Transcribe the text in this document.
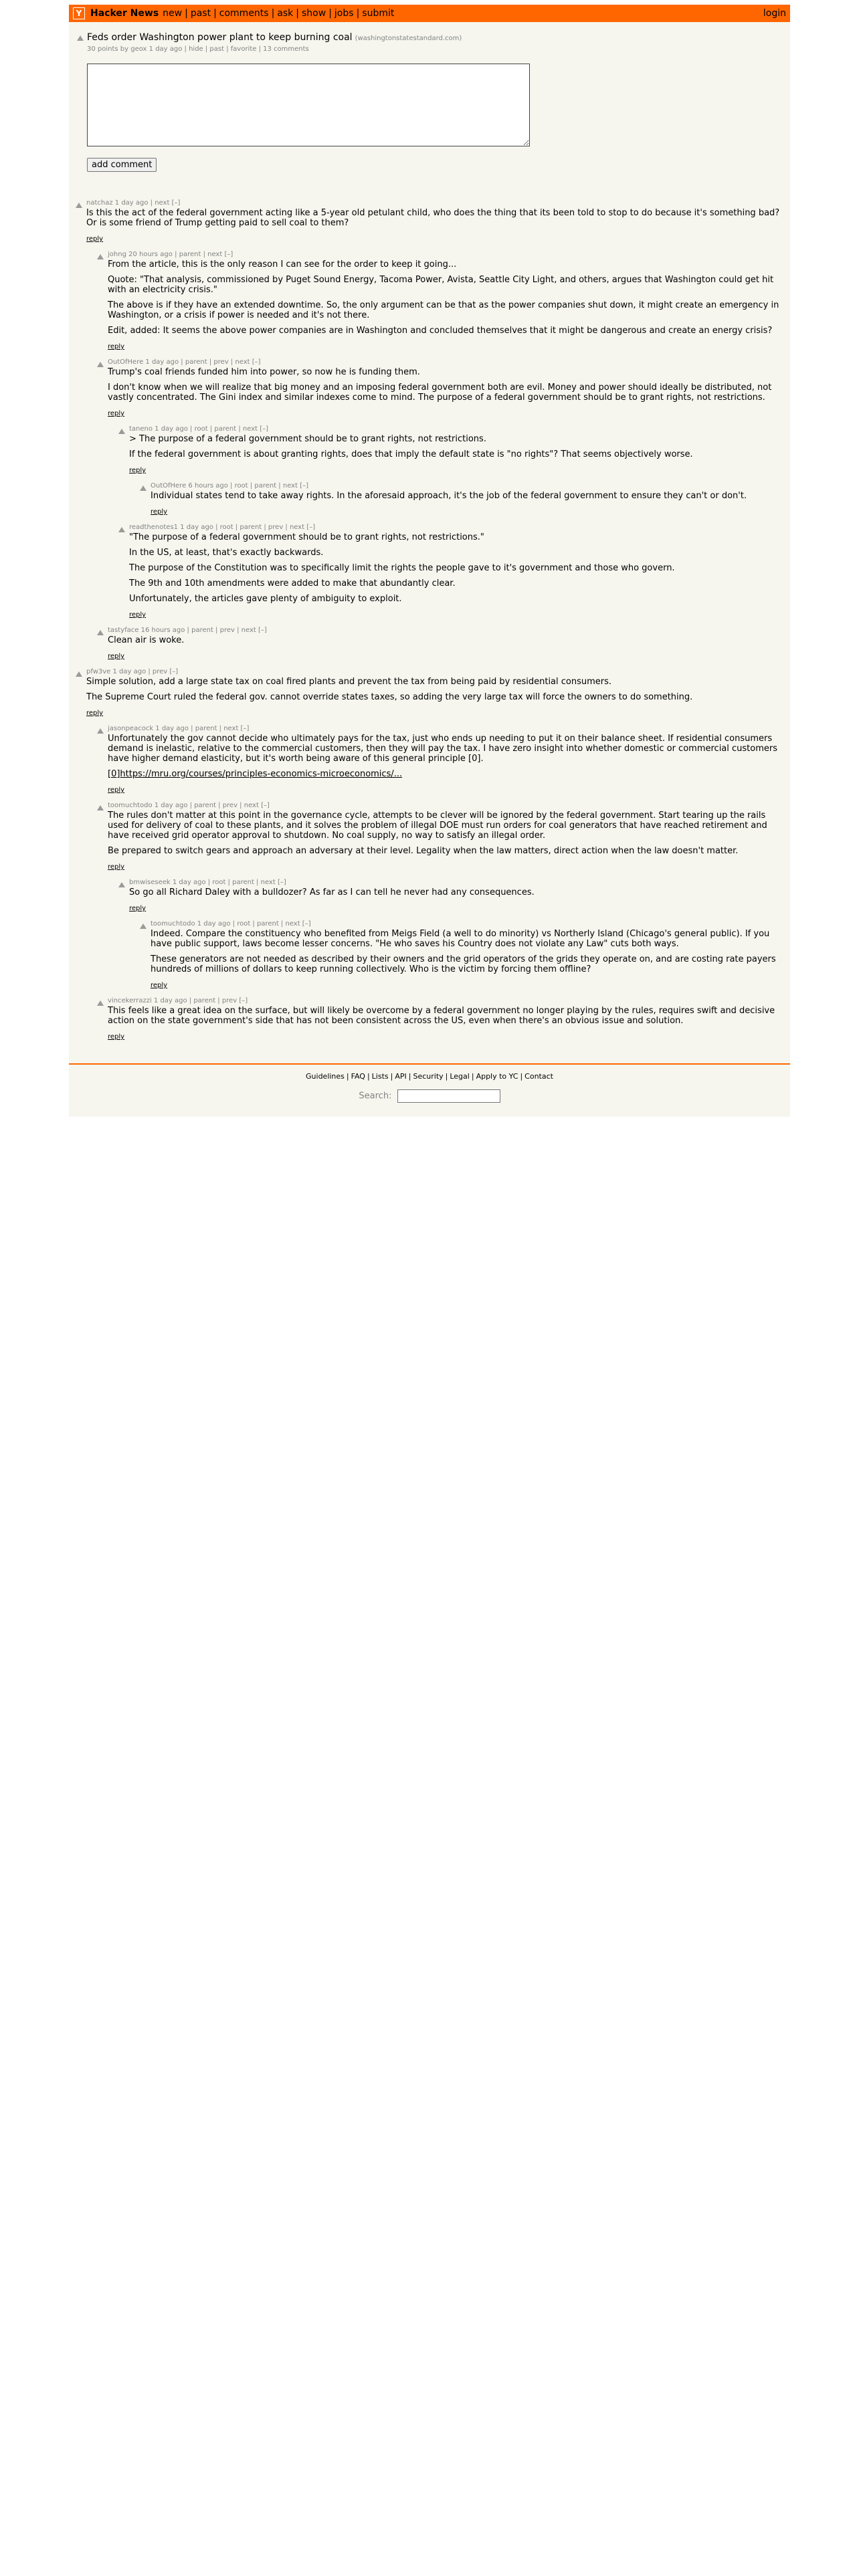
Y Hacker News new | past | comments | ask | show | jobs | submit	login
Feds order Washington power plant to keep burning coal (washingtonstatestandard.com)
30 points by geox 1 day ago | hide | past | favorite | 13 comments
add comment
natchaz 1 day ago | next [–]

Is this the act of the federal government acting like a 5-year old petulant child, who does the thing that its been told to stop to do because it's something bad? Or is some friend of Trump getting paid to sell coal to them?

reply
johng 20 hours ago | parent | next [–]

From the article, this is the only reason I can see for the order to keep it going...

Quote: "That analysis, commissioned by Puget Sound Energy, Tacoma Power, Avista, Seattle City Light, and others, argues that Washington could get hit with an electricity crisis."

The above is if they have an extended downtime. So, the only argument can be that as the power companies shut down, it might create an emergency in Washington, or a crisis if power is needed and it's not there.

Edit, added: It seems the above power companies are in Washington and concluded themselves that it might be dangerous and create an energy crisis?

reply
OutOfHere 1 day ago | parent | prev | next [–]

Trump's coal friends funded him into power, so now he is funding them.

I don't know when we will realize that big money and an imposing federal government both are evil. Money and power should ideally be distributed, not vastly concentrated. The Gini index and similar indexes come to mind. The purpose of a federal government should be to grant rights, not restrictions.

reply
taneno 1 day ago | root | parent | next [–]

> The purpose of a federal government should be to grant rights, not restrictions.

If the federal government is about granting rights, does that imply the default state is "no rights"? That seems objectively worse.

reply
OutOfHere 6 hours ago | root | parent | next [–]

Individual states tend to take away rights. In the aforesaid approach, it's the job of the federal government to ensure they can't or don't.

reply
readthenotes1 1 day ago | root | parent | prev | next [–]

"The purpose of a federal government should be to grant rights, not restrictions."

In the US, at least, that's exactly backwards.

The purpose of the Constitution was to specifically limit the rights the people gave to it's government and those who govern.

The 9th and 10th amendments were added to make that abundantly clear.

Unfortunately, the articles gave plenty of ambiguity to exploit.

reply
tastyface 16 hours ago | parent | prev | next [–]

Clean air is woke.

reply
pfw3ve 1 day ago | prev [–]

Simple solution, add a large state tax on coal fired plants and prevent the tax from being paid by residential consumers.

The Supreme Court ruled the federal gov. cannot override states taxes, so adding the very large tax will force the owners to do something.

reply
jasonpeacock 1 day ago | parent | next [–]

Unfortunately the gov cannot decide who ultimately pays for the tax, just who ends up needing to put it on their balance sheet. If residential consumers demand is inelastic, relative to the commercial customers, then they will pay the tax. I have zero insight into whether domestic or commercial customers have higher demand elasticity, but it's worth being aware of this general principle [0].

[0]https://mru.org/courses/principles-economics-microeconomics/...

reply
toomuchtodo 1 day ago | parent | prev | next [–]

The rules don't matter at this point in the governance cycle, attempts to be clever will be ignored by the federal government. Start tearing up the rails used for delivery of coal to these plants, and it solves the problem of illegal DOE must run orders for coal generators that have reached retirement and have received grid operator approval to shutdown. No coal supply, no way to satisfy an illegal order.

Be prepared to switch gears and approach an adversary at their level. Legality when the law matters, direct action when the law doesn't matter.

reply
bmwiseseek 1 day ago | root | parent | next [–]

So go all Richard Daley with a bulldozer? As far as I can tell he never had any consequences.

reply
toomuchtodo 1 day ago | root | parent | next [–]

Indeed. Compare the constituency who benefited from Meigs Field (a well to do minority) vs Northerly Island (Chicago's general public). If you have public support, laws become lesser concerns. "He who saves his Country does not violate any Law" cuts both ways.

These generators are not needed as described by their owners and the grid operators of the grids they operate on, and are costing rate payers hundreds of millions of dollars to keep running collectively. Who is the victim by forcing them offline?

reply
vincekerrazzi 1 day ago | parent | prev [–]

This feels like a great idea on the surface, but will likely be overcome by a federal government no longer playing by the rules, requires swift and decisive action on the state government's side that has not been consistent across the US, even when there's an obvious issue and solution.

reply
Guidelines | FAQ | Lists | API | Security | Legal | Apply to YC | Contact
Search:
